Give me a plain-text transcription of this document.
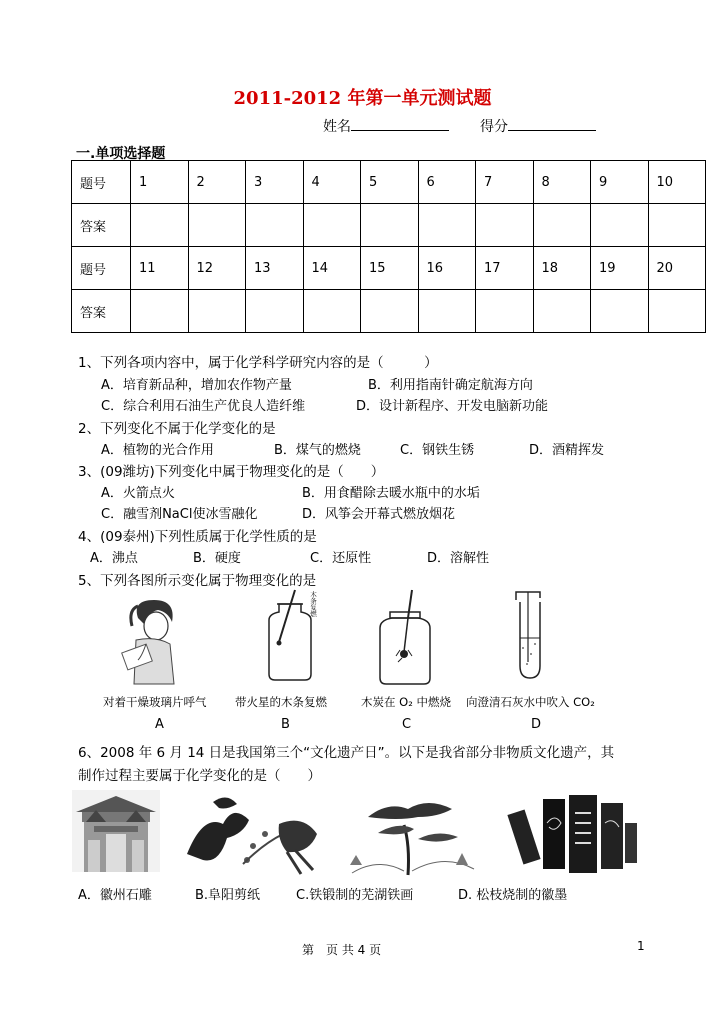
2011-2012 年第一单元测试题
姓名	得分
一.单项选择题
题号	1	2	3	4	5	6	7	8	9	10
答案										
题号	11	12	13	14	15	16	17	18	19	20
答案										
1、下列各项内容中，属于化学科学研究内容的是（　　　）
A．培育新品种，增加农作物产量	B．利用指南针确定航海方向
C．综合利用石油生产优良人造纤维	D．设计新程序、开发电脑新功能
2、下列变化不属于化学变化的是
A．植物的光合作用	B．煤气的燃烧	C．钢铁生锈	D．酒精挥发
3、(09潍坊)下列变化中属于物理变化的是（　　）
A．火箭点火	B．用食醋除去暖水瓶中的水垢
C．融雪剂NaCl使冰雪融化	D．风筝会开幕式燃放烟花
4、(09泰州)下列性质属于化学性质的是
A．沸点	B．硬度	C．还原性	D．溶解性
5、下列各图所示变化属于物理变化的是
木条复燃
对着干燥玻璃片呼气 带火星的木条复燃	木炭在 O₂ 中燃烧 向澄清石灰水中吹入 CO₂
A	B	C	D
6、2008 年 6 月 14 日是我国第三个“文化遗产日”。以下是我省部分非物质文化遗产，其
制作过程主要属于化学变化的是（　　）
A．徽州石雕	B.阜阳剪纸	C.铁锻制的芜湖铁画	D. 松枝烧制的徽墨
第　页 共 4 页	1
